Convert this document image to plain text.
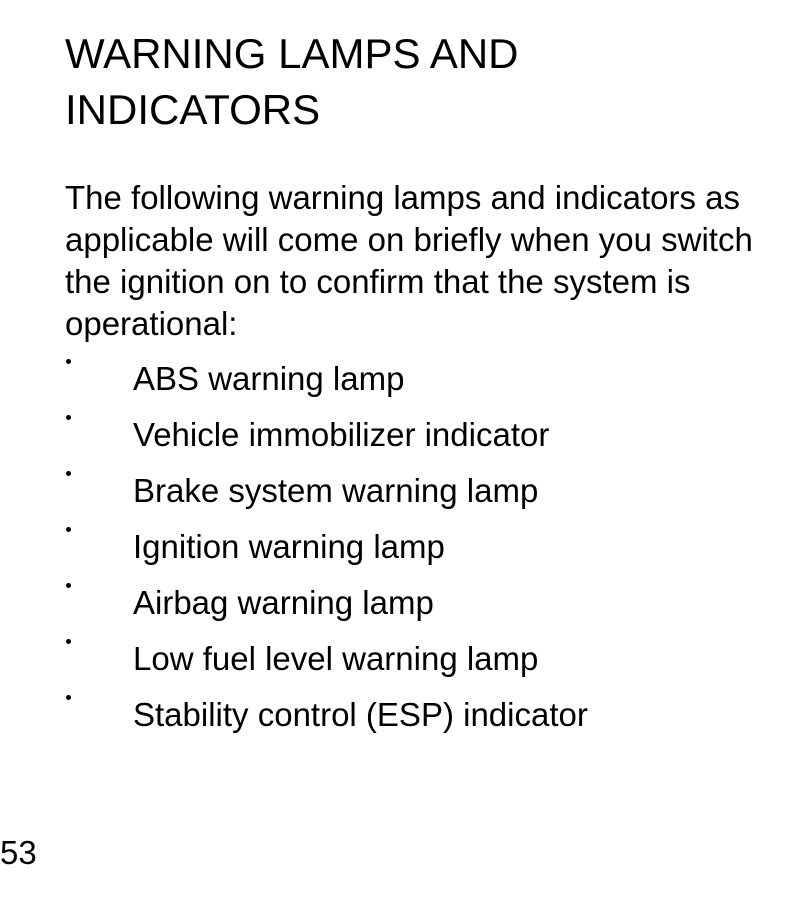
WARNING LAMPS AND
INDICATORS

The following warning lamps and indicators as applicable will come on briefly when you switch the ignition on to confirm that the system is operational:

ABS warning lamp
Vehicle immobilizer indicator
Brake system warning lamp
Ignition warning lamp
Airbag warning lamp
Low fuel level warning lamp
Stability control (ESP) indicator
53
